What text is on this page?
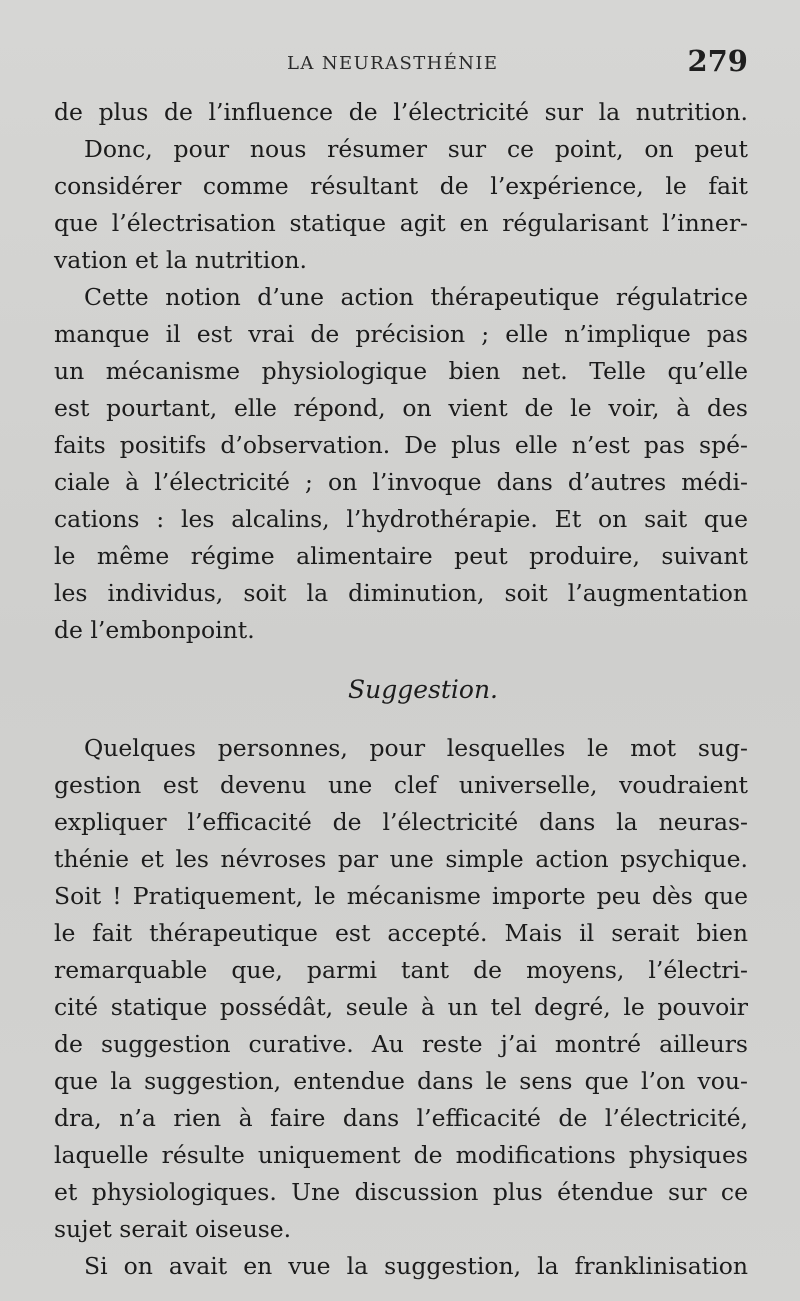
LA NEURASTHÉNIE	279
de plus de l’influence de l’électricité sur la nutrition.
Donc, pour nous résumer sur ce point, on peut
considérer comme résultant de l’expérience, le fait
que l’électrisation statique agit en régularisant l’inner-
vation et la nutrition.
Cette notion d’une action thérapeutique régulatrice
manque il est vrai de précision ; elle n’implique pas
un mécanisme physiologique bien net. Telle qu’elle
est pourtant, elle répond, on vient de le voir, à des
faits positifs d’observation. De plus elle n’est pas spé-
ciale à l’électricité ; on l’invoque dans d’autres médi-
cations : les alcalins, l’hydrothérapie. Et on sait que
le même régime alimentaire peut produire, suivant
les individus, soit la diminution, soit l’augmentation
de l’embonpoint.
Suggestion.
Quelques personnes, pour lesquelles le mot sug-
gestion est devenu une clef universelle, voudraient
expliquer l’efficacité de l’électricité dans la neuras-
thénie et les névroses par une simple action psychique.
Soit ! Pratiquement, le mécanisme importe peu dès que
le fait thérapeutique est accepté. Mais il serait bien
remarquable que, parmi tant de moyens, l’électri-
cité statique possédât, seule à un tel degré, le pouvoir
de suggestion curative. Au reste j’ai montré ailleurs
que la suggestion, entendue dans le sens que l’on vou-
dra, n’a rien à faire dans l’efficacité de l’électricité,
laquelle résulte uniquement de modifications physiques
et physiologiques. Une discussion plus étendue sur ce
sujet serait oiseuse.
Si on avait en vue la suggestion, la franklinisation
